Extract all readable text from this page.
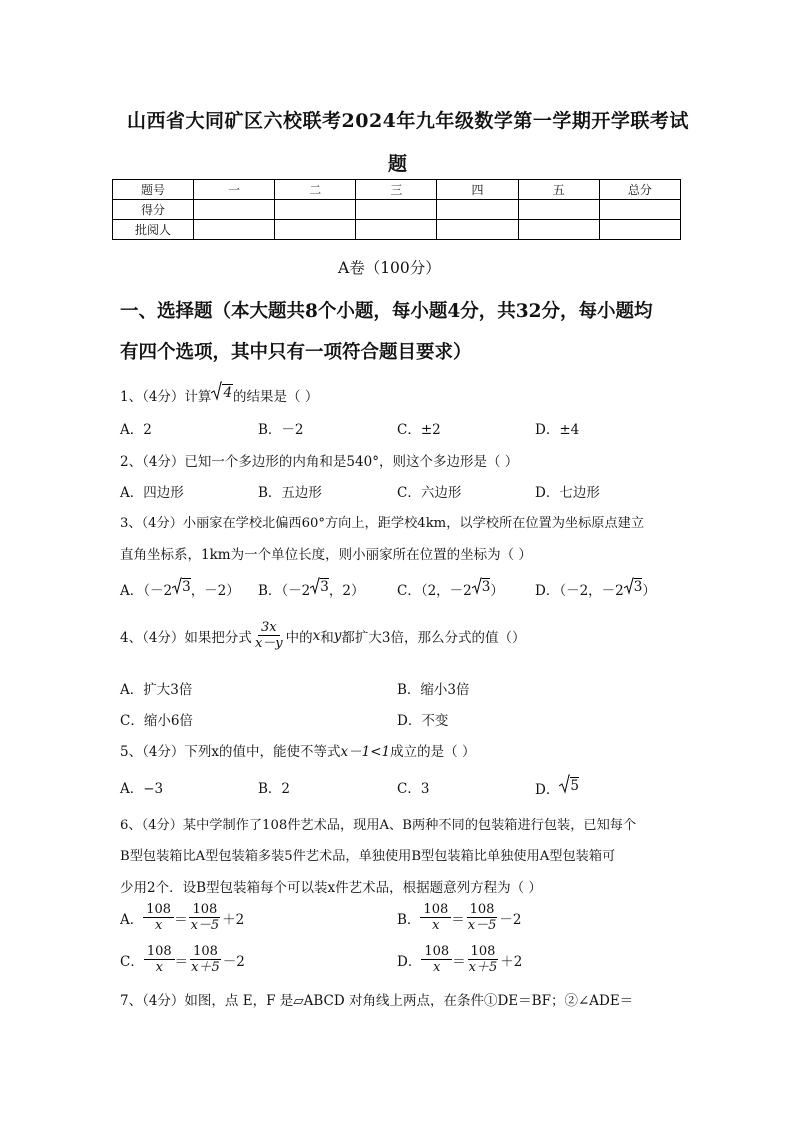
山西省大同矿区六校联考2024年九年级数学第一学期开学联考试
题
题号	一	二	三	四	五	总分
得分						
批阅人						
A卷（100分）
一、选择题（本大题共8个小题，每小题4分，共32分，每小题均
有四个选项，其中只有一项符合题目要求）
1、（4分）计算 4 的结果是（ ）
A．2	B．－2	C．±2	D．±4
2、（4分）已知一个多边形的内角和是540°，则这个多边形是（ ）
A．四边形	B．五边形	C．六边形	D．七边形
3、（4分）小丽家在学校北偏西60°方向上，距学校4km，以学校所在位置为坐标原点建立
直角坐标系，1km为一个单位长度，则小丽家所在位置的坐标为（ ）
A．（－2 3 ，－2） B．（－2 3 ，2） C．（2，－2 3 ） D．（－2，－2 3 ）
4、（4分）如果把分式 $\frac{3x}{x-y}$ 中的 x 和 y 都扩大3倍，那么分式的值（）
A．扩大3倍	B．缩小3倍
C．缩小6倍	D．不变
5、（4分）下列x的值中，能使不等式x－1<1成立的是（ ）
A．−3	B．2	C．3	D． 5
6、（4分）某中学制作了108件艺术品，现用A、B两种不同的包装箱进行包装，已知每个
B型包装箱比A型包装箱多装5件艺术品，单独使用B型包装箱比单独使用A型包装箱可
少用2个．设B型包装箱每个可以装x件艺术品，根据题意列方程为（ ）
A． $\frac{108}{x} = \frac{108}{x-5} +2$	B． $\frac{108}{x} = \frac{108}{x-5} -2$
C． $\frac{108}{x} = \frac{108}{x+5} -2$	D． $\frac{108}{x} = \frac{108}{x+5} +2$
7、（4分）如图，点 E，F 是▱ABCD 对角线上两点，在条件①DE＝BF；②∠ADE＝
